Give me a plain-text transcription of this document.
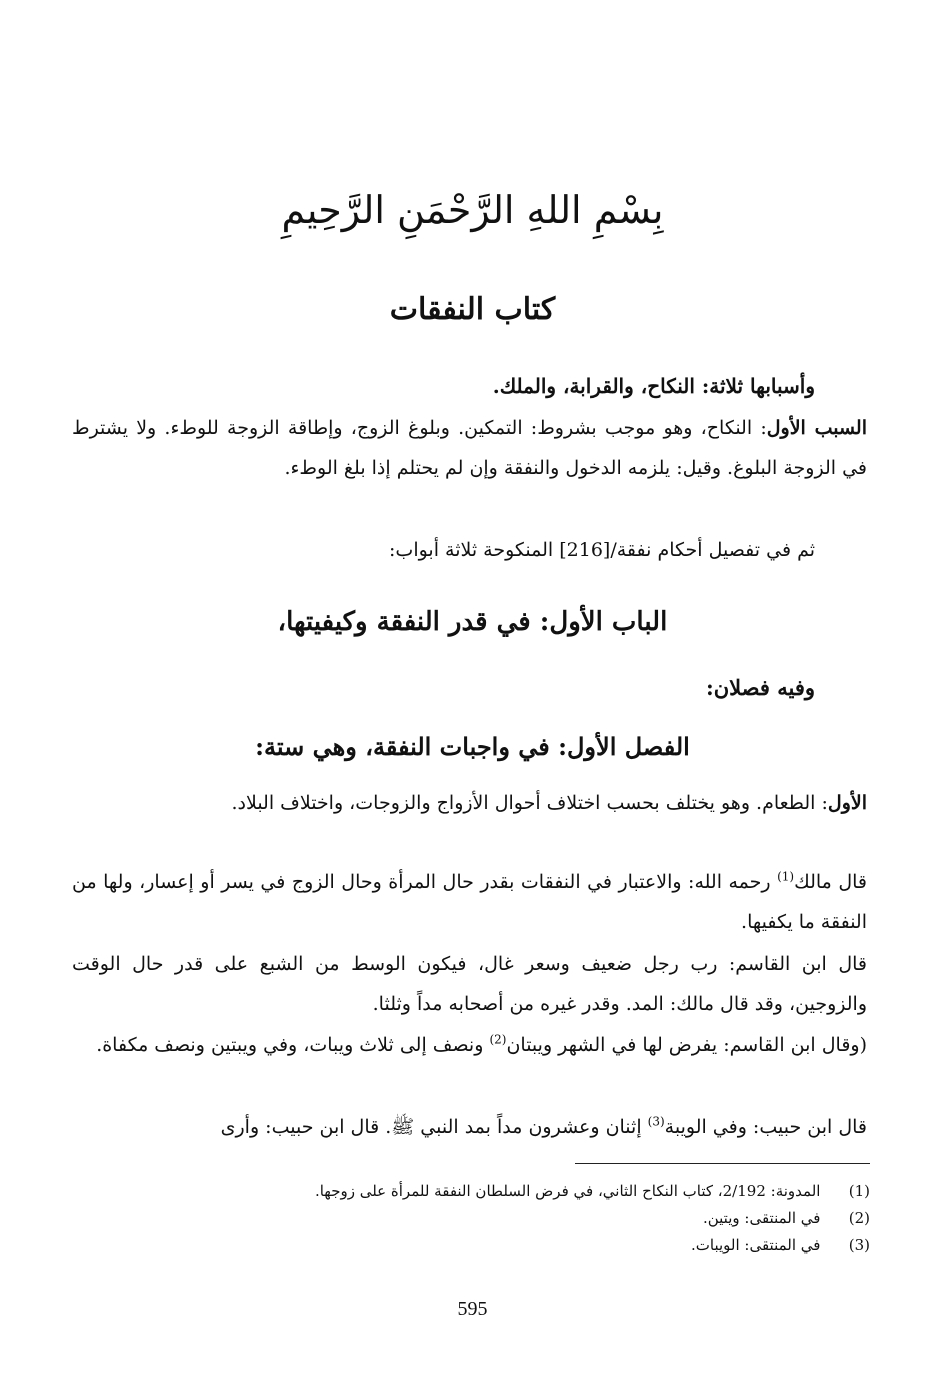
بِسْمِ اللهِ الرَّحْمَنِ الرَّحِيمِ
كتاب النفقات
وأسبابها ثلاثة: النكاح، والقرابة، والملك.
السبب الأول: النكاح، وهو موجب بشروط: التمكين. وبلوغ الزوج، وإطاقة الزوجة للوطء. ولا يشترط في الزوجة البلوغ. وقيل: يلزمه الدخول والنفقة وإن لم يحتلم إذا بلغ الوطء.
ثم في تفصيل أحكام نفقة/[216] المنكوحة ثلاثة أبواب:
الباب الأول: في قدر النفقة وكيفيتها،
وفيه فصلان:
الفصل الأول: في واجبات النفقة، وهي ستة:
الأول: الطعام. وهو يختلف بحسب اختلاف أحوال الأزواج والزوجات، واختلاف البلاد.
قال مالك$^{(1)}$ رحمه الله: والاعتبار في النفقات بقدر حال المرأة وحال الزوج في يسر أو إعسار، ولها من النفقة ما يكفيها.
قال ابن القاسم: رب رجل ضعيف وسعر غال، فيكون الوسط من الشبع على قدر حال الوقت والزوجين، وقد قال مالك: المد. وقدر غيره من أصحابه مداً وثلثا.
(وقال ابن القاسم: يفرض لها في الشهر ويبتان$^{(2)}$ ونصف إلى ثلاث ويبات، وفي ويبتين ونصف مكفاة.
قال ابن حبيب: وفي الويبة$^{(3)}$ إثنان وعشرون مداً بمد النبي ﷺ. قال ابن حبيب: وأرى
(1)  المدونة: 2/192، كتاب النكاح الثاني، في فرض السلطان النفقة للمرأة على زوجها.
(2)  في المنتقى: ويتين.
(3)  في المنتقى: الويبات.
595
